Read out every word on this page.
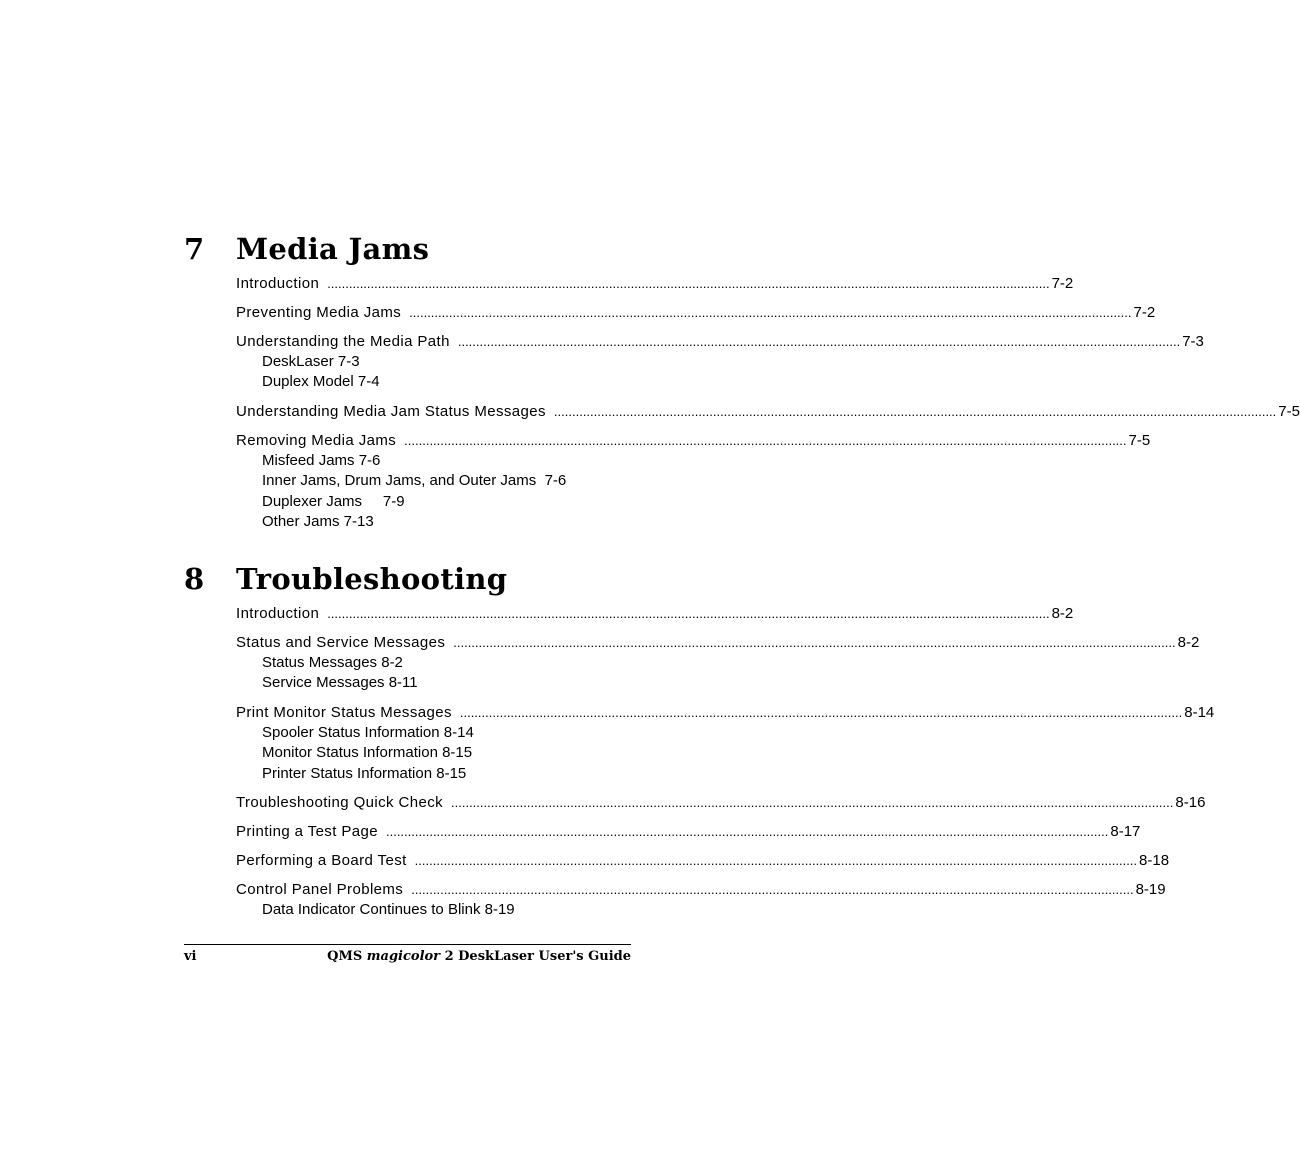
7 Media Jams
Introduction ........................................................................................................................................................................................................ 7-2
Preventing Media Jams ........................................................................................................................................................................................................ 7-2
Understanding the Media Path ........................................................................................................................................................................................................ 7-3
DeskLaser 7-3
Duplex Model 7-4
Understanding Media Jam Status Messages ........................................................................................................................................................................................................ 7-5
Removing Media Jams ........................................................................................................................................................................................................ 7-5
Misfeed Jams 7-6
Inner Jams, Drum Jams, and Outer Jams  7-6
Duplexer Jams     7-9
Other Jams 7-13
8 Troubleshooting
Introduction ........................................................................................................................................................................................................ 8-2
Status and Service Messages ........................................................................................................................................................................................................ 8-2
Status Messages 8-2
Service Messages 8-11
Print Monitor Status Messages ........................................................................................................................................................................................................ 8-14
Spooler Status Information 8-14
Monitor Status Information 8-15
Printer Status Information 8-15
Troubleshooting Quick Check ........................................................................................................................................................................................................ 8-16
Printing a Test Page ........................................................................................................................................................................................................ 8-17
Performing a Board Test ........................................................................................................................................................................................................ 8-18
Control Panel Problems ........................................................................................................................................................................................................ 8-19
Data Indicator Continues to Blink 8-19
vi	QMS magicolor 2 DeskLaser User's Guide
